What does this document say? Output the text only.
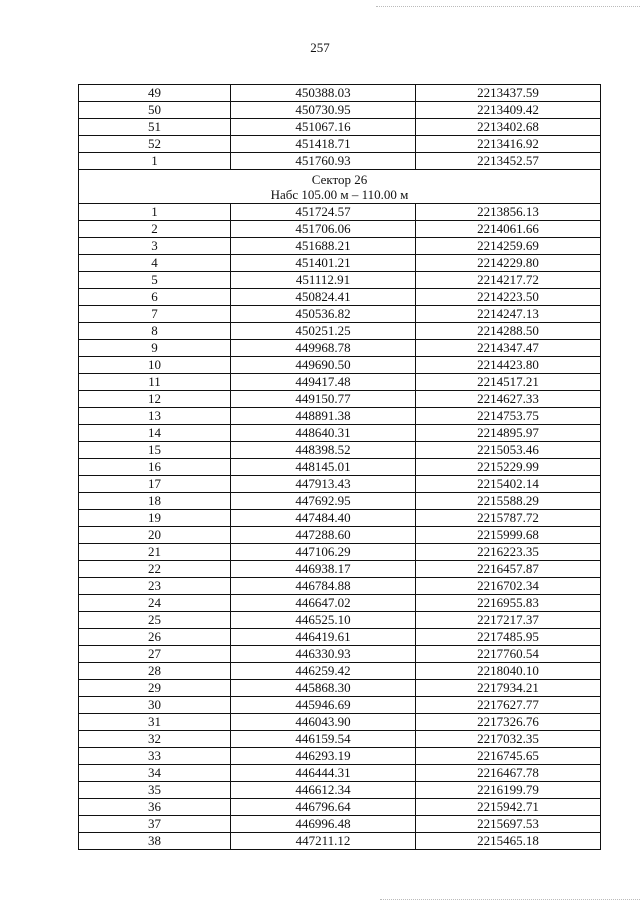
257
49	450388.03	2213437.59
50	450730.95	2213409.42
51	451067.16	2213402.68
52	451418.71	2213416.92
1	451760.93	2213452.57

Сектор 26
Набс 105.00 м – 110.00 м		

1	451724.57	2213856.13
2	451706.06	2214061.66
3	451688.21	2214259.69
4	451401.21	2214229.80
5	451112.91	2214217.72
6	450824.41	2214223.50
7	450536.82	2214247.13
8	450251.25	2214288.50
9	449968.78	2214347.47
10	449690.50	2214423.80
11	449417.48	2214517.21
12	449150.77	2214627.33
13	448891.38	2214753.75
14	448640.31	2214895.97
15	448398.52	2215053.46
16	448145.01	2215229.99
17	447913.43	2215402.14
18	447692.95	2215588.29
19	447484.40	2215787.72
20	447288.60	2215999.68
21	447106.29	2216223.35
22	446938.17	2216457.87
23	446784.88	2216702.34
24	446647.02	2216955.83
25	446525.10	2217217.37
26	446419.61	2217485.95
27	446330.93	2217760.54
28	446259.42	2218040.10
29	445868.30	2217934.21
30	445946.69	2217627.77
31	446043.90	2217326.76
32	446159.54	2217032.35
33	446293.19	2216745.65
34	446444.31	2216467.78
35	446612.34	2216199.79
36	446796.64	2215942.71
37	446996.48	2215697.53
38	447211.12	2215465.18
